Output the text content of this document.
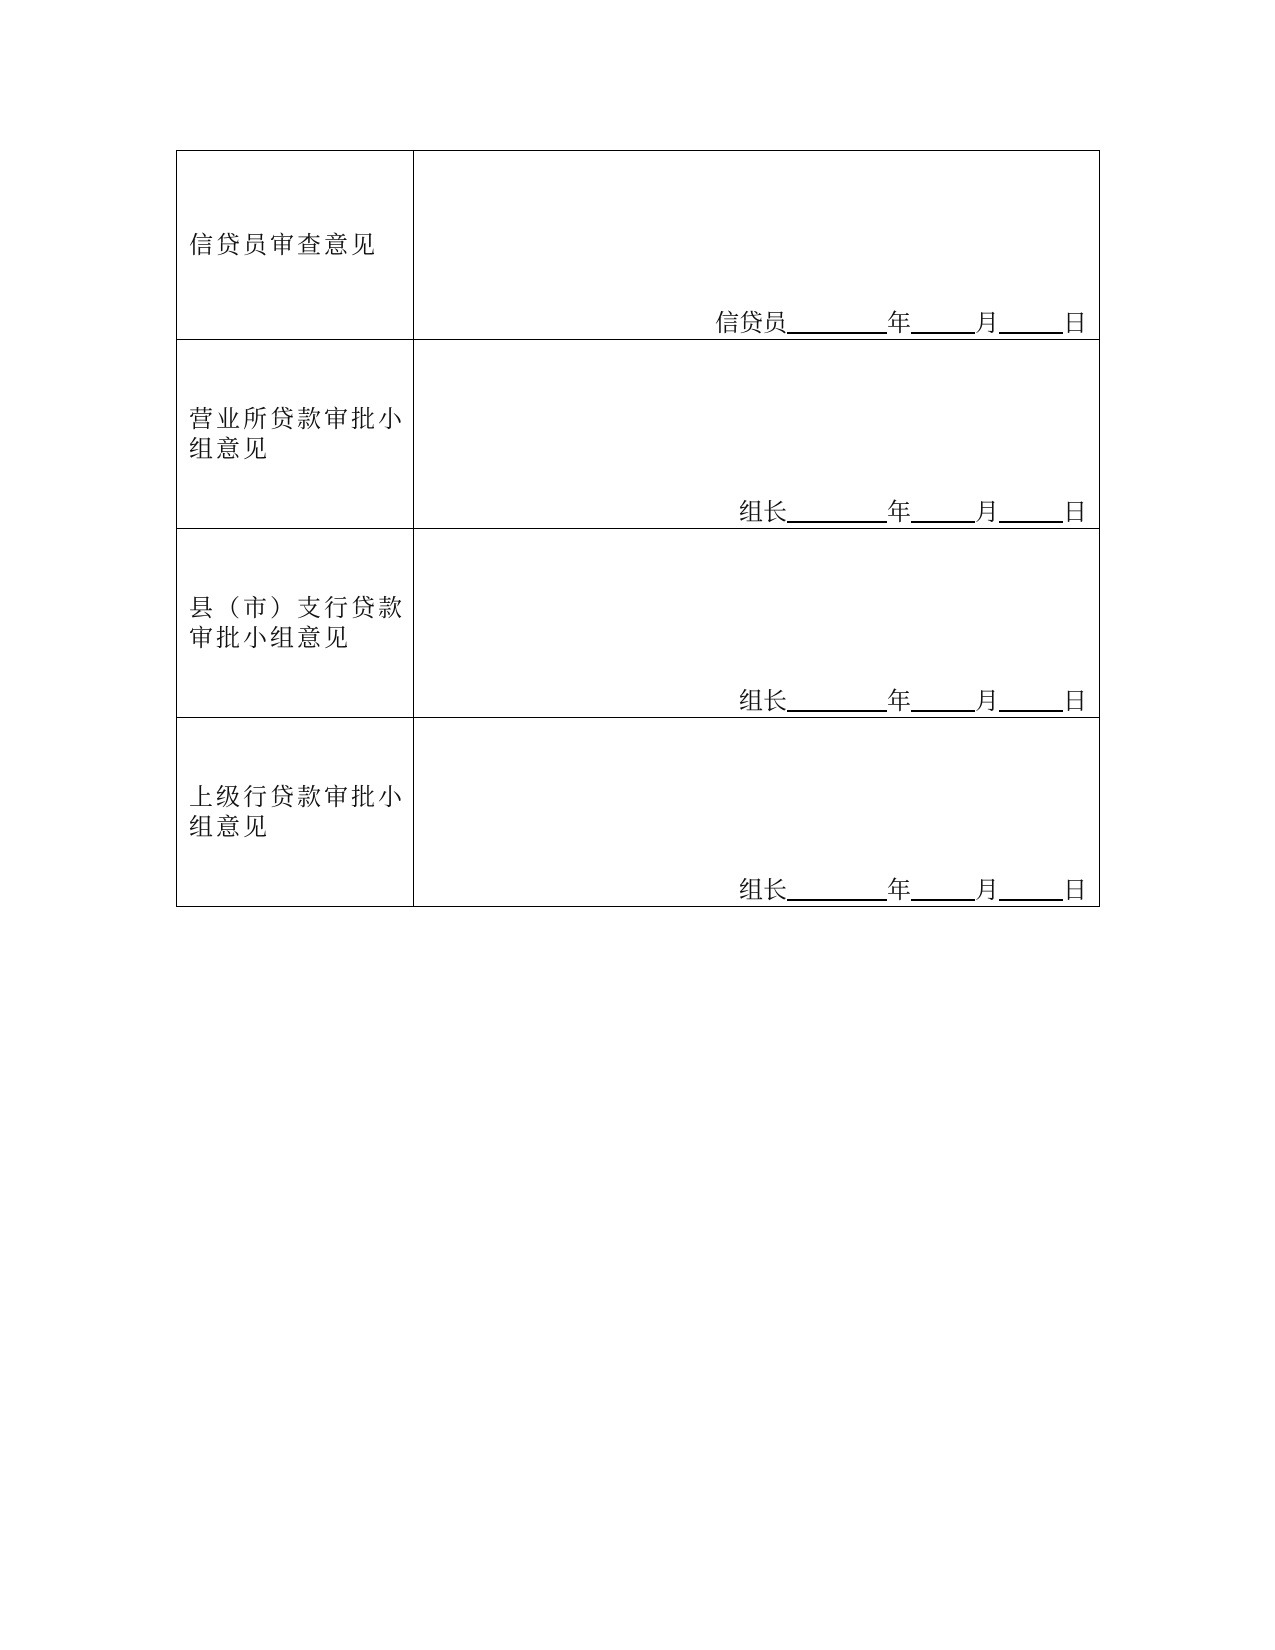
信贷员审查意见	信贷员 年 月 日

营业所贷款审批小组意见	组长 年 月 日

县（市）支行贷款审批小组意见	组长 年 月 日

上级行贷款审批小组意见	组长 年 月 日
